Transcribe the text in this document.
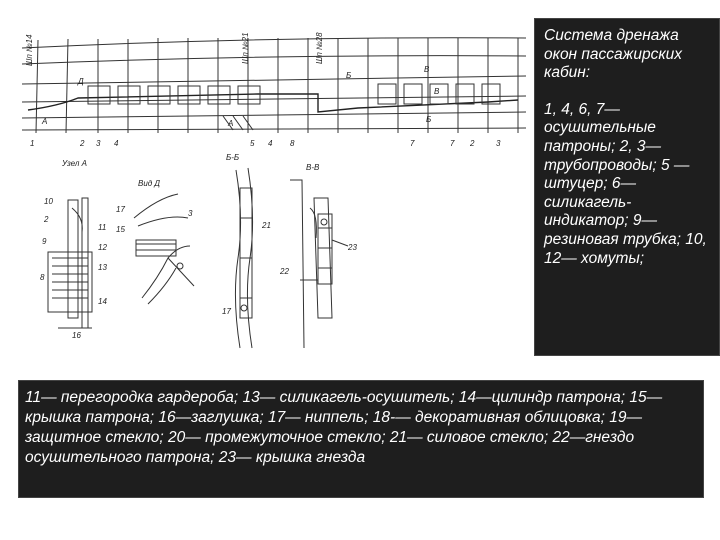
1	2 3 4	5 4 8	7	7 2	3
Шп №14	Шп №21	Шп №28
А	А
Б
Б
В
В
Д
Узел А
10
2
11
12
9
13
8
14
16
Вид Д
17
15
3
Б-Б
21
17
В-В
23
22

Система дренажа окон пассажирских кабин:

1, 4, 6, 7— осушительные патроны; 2, 3— трубопроводы; 5 —штуцер; 6— силикагель-индикатор; 9— резиновая трубка; 10, 12— хомуты;

11— перегородка гардероба; 13— силикагель-осушитель; 14—цилиндр патрона; 15—крышка патрона; 16—заглушка; 17— ниппель; 18-— декоративная облицовка; 19—защитное стекло; 20— промежуточное стекло; 21— силовое стекло; 22—гнездо осушительного патрона; 23— крышка гнезда
